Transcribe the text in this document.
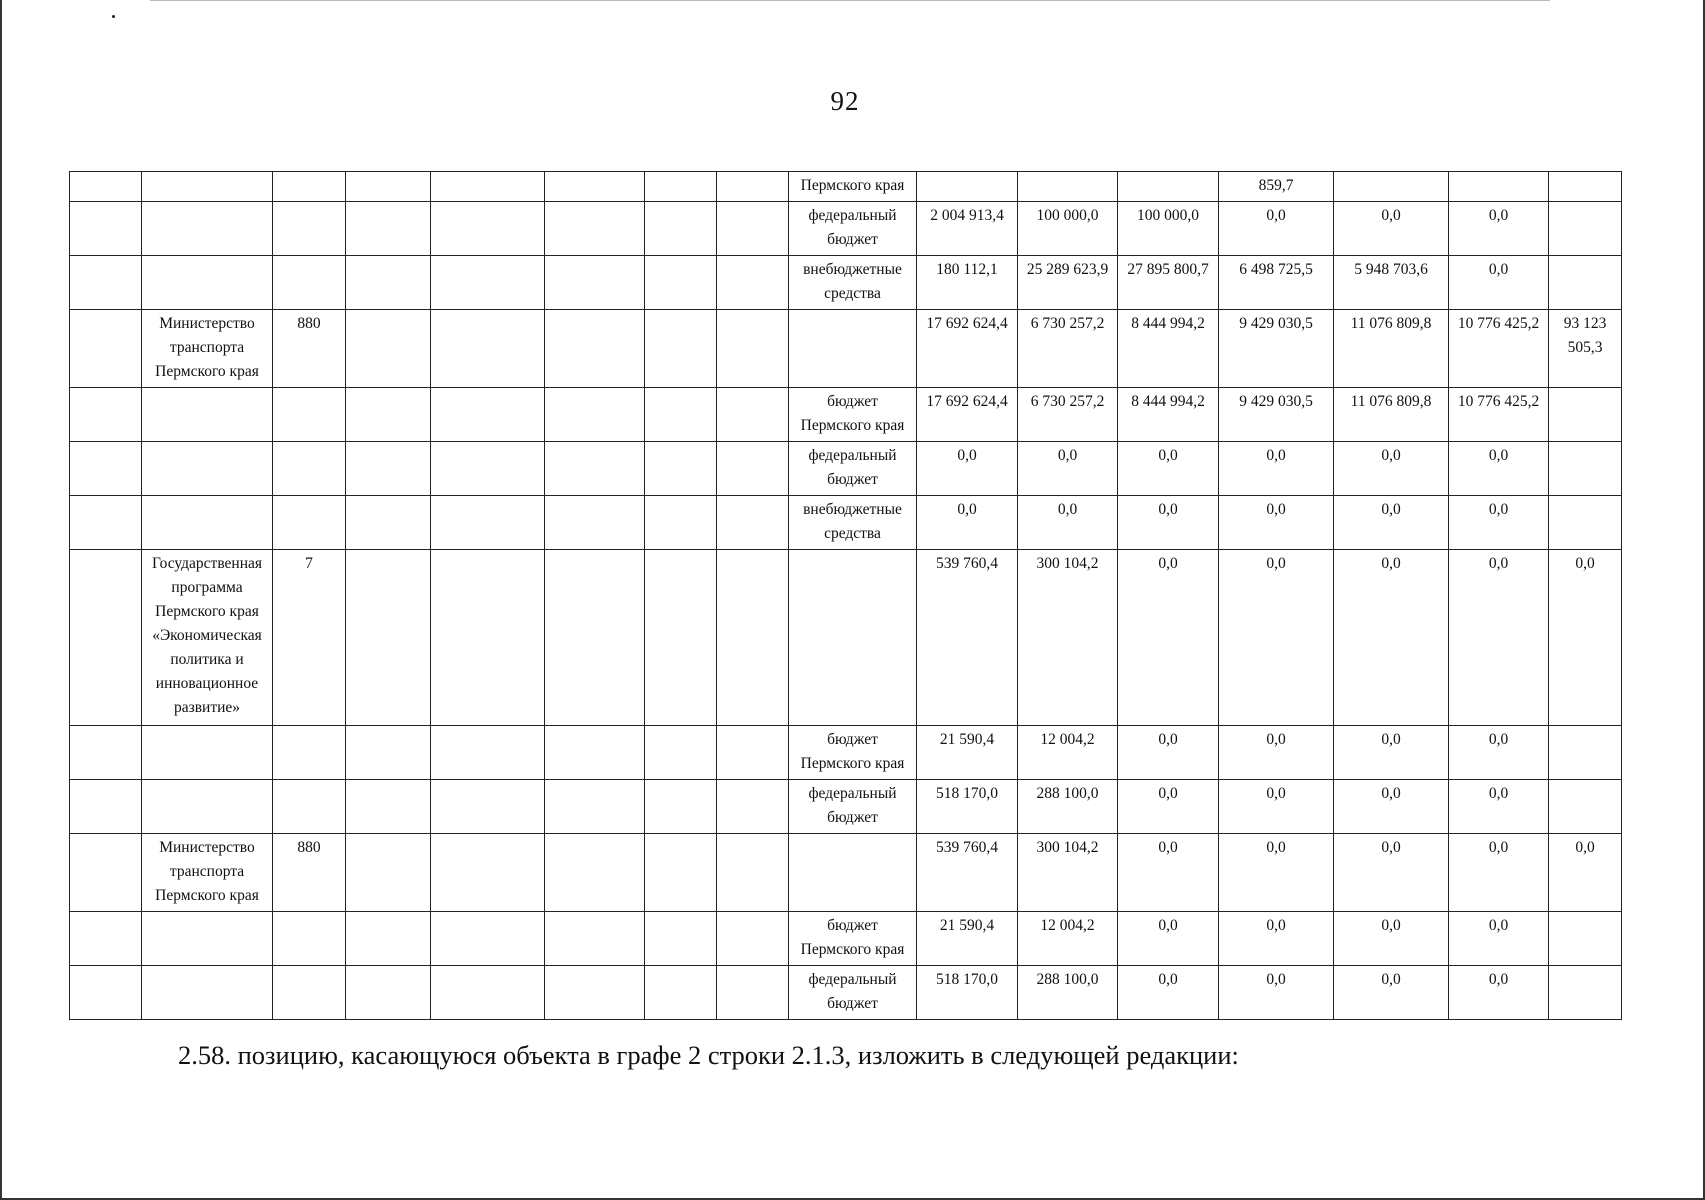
92
								Пермского края				859,7			
								федеральный бюджет	2 004 913,4	100 000,0	100 000,0	0,0	0,0	0,0	
								внебюджетные средства	180 112,1	25 289 623,9	27 895 800,7	6 498 725,5	5 948 703,6	0,0	
	Министерство транспорта Пермского края	880							17 692 624,4	6 730 257,2	8 444 994,2	9 429 030,5	11 076 809,8	10 776 425,2	93 123 505,3
								бюджет Пермского края	17 692 624,4	6 730 257,2	8 444 994,2	9 429 030,5	11 076 809,8	10 776 425,2	
								федеральный бюджет	0,0	0,0	0,0	0,0	0,0	0,0	
								внебюджетные средства	0,0	0,0	0,0	0,0	0,0	0,0	
	Государственная программа Пермского края «Экономическая политика и инновационное развитие»	7							539 760,4	300 104,2	0,0	0,0	0,0	0,0	0,0
								бюджет Пермского края	21 590,4	12 004,2	0,0	0,0	0,0	0,0	
								федеральный бюджет	518 170,0	288 100,0	0,0	0,0	0,0	0,0	
	Министерство транспорта Пермского края	880							539 760,4	300 104,2	0,0	0,0	0,0	0,0	0,0
								бюджет Пермского края	21 590,4	12 004,2	0,0	0,0	0,0	0,0	
								федеральный бюджет	518 170,0	288 100,0	0,0	0,0	0,0	0,0	
2.58. позицию, касающуюся объекта в графе 2 строки 2.1.3, изложить в следующей редакции:
